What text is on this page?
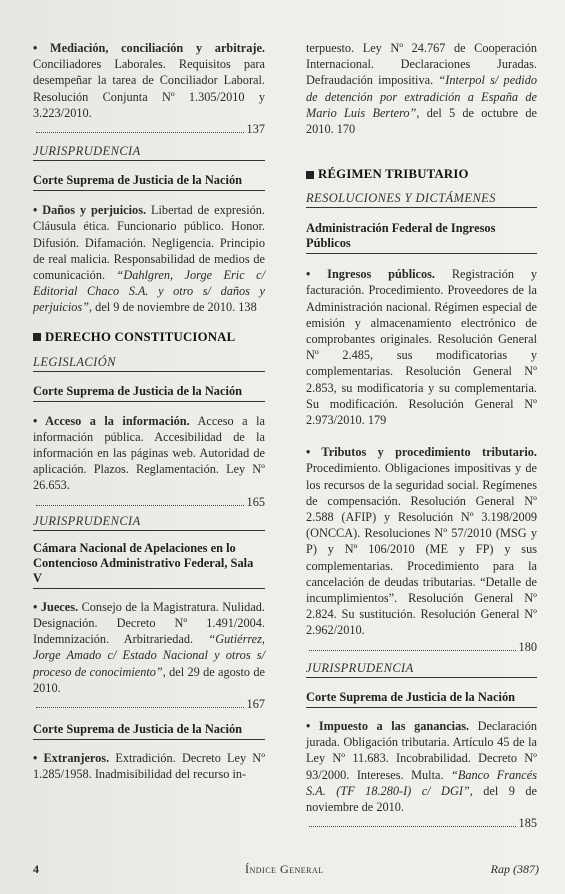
• Mediación, conciliación y arbitraje. Conciliadores Laborales. Requisitos para desempeñar la tarea de Conciliador Laboral. Resolución Conjunta Nº 1.305/2010 y 3.223/2010.

137

JURISPRUDENCIA

Corte Suprema de Justicia de la Nación

• Daños y perjuicios. Libertad de expresión. Cláusula ética. Funcionario público. Honor. Difusión. Difamación. Negligencia. Principio de real malicia. Responsabilidad de medios de comunicación. “Dahlgren, Jorge Eric c/ Editorial Chaco S.A. y otro s/ daños y perjuicios”, del 9 de noviembre de 2010. 138

DERECHO CONSTITUCIONAL

LEGISLACIÓN

Corte Suprema de Justicia de la Nación

• Acceso a la información. Acceso a la información pública. Accesibilidad de la información en las páginas web. Autoridad de aplicación. Plazos. Reglamentación. Ley Nº 26.653.

165

JURISPRUDENCIA

Cámara Nacional de Apelaciones en lo Contencioso Administrativo Federal, Sala V

• Jueces. Consejo de la Magistratura. Nulidad. Designación. Decreto Nº 1.491/2004. Indemnización. Arbitrariedad. “Gutiérrez, Jorge Amado c/ Estado Nacional y otros s/ proceso de conocimiento”, del 29 de agosto de 2010.

167

Corte Suprema de Justicia de la Nación

• Extranjeros. Extradición. Decreto Ley Nº 1.285/1958. Inadmisibilidad del recurso in-

terpuesto. Ley Nº 24.767 de Cooperación Internacional. Declaraciones Juradas. Defraudación impositiva. “Interpol s/ pedido de detención por extradición a España de Mario Luis Bertero”, del 5 de octubre de 2010. 170

RÉGIMEN TRIBUTARIO

RESOLUCIONES Y DICTÁMENES

Administración Federal de Ingresos Públicos

• Ingresos públicos. Registración y facturación. Procedimiento. Proveedores de la Administración nacional. Régimen especial de emisión y almacenamiento electrónico de comprobantes originales. Resolución General Nº 2.485, sus modificatorias y complementarias. Resolución General Nº 2.853, su modificatoria y su complementaria. Su modificación. Resolución General Nº 2.973/2010. 179

• Tributos y procedimiento tributario. Procedimiento. Obligaciones impositivas y de los recursos de la seguridad social. Regímenes de compensación. Resolución General Nº 2.588 (AFIP) y Resolución Nº 3.198/2009 (ONCCA). Resoluciones Nº 57/2010 (MSG y P) y Nº 106/2010 (ME y FP) y sus complementarias. Procedimiento para la cancelación de deudas tributarias. “Detalle de incumplimientos”. Resolución General Nº 2.824. Su sustitución. Resolución General Nº 2.962/2010.

180

JURISPRUDENCIA

Corte Suprema de Justicia de la Nación

• Impuesto a las ganancias. Declaración jurada. Obligación tributaria. Artículo 45 de la Ley Nº 11.683. Incobrabilidad. Decreto Nº 93/2000. Intereses. Multa. “Banco Francés S.A. (TF 18.280-I) c/ DGI”, del 9 de noviembre de 2010.

185
4	Índice General	Rap (387)
